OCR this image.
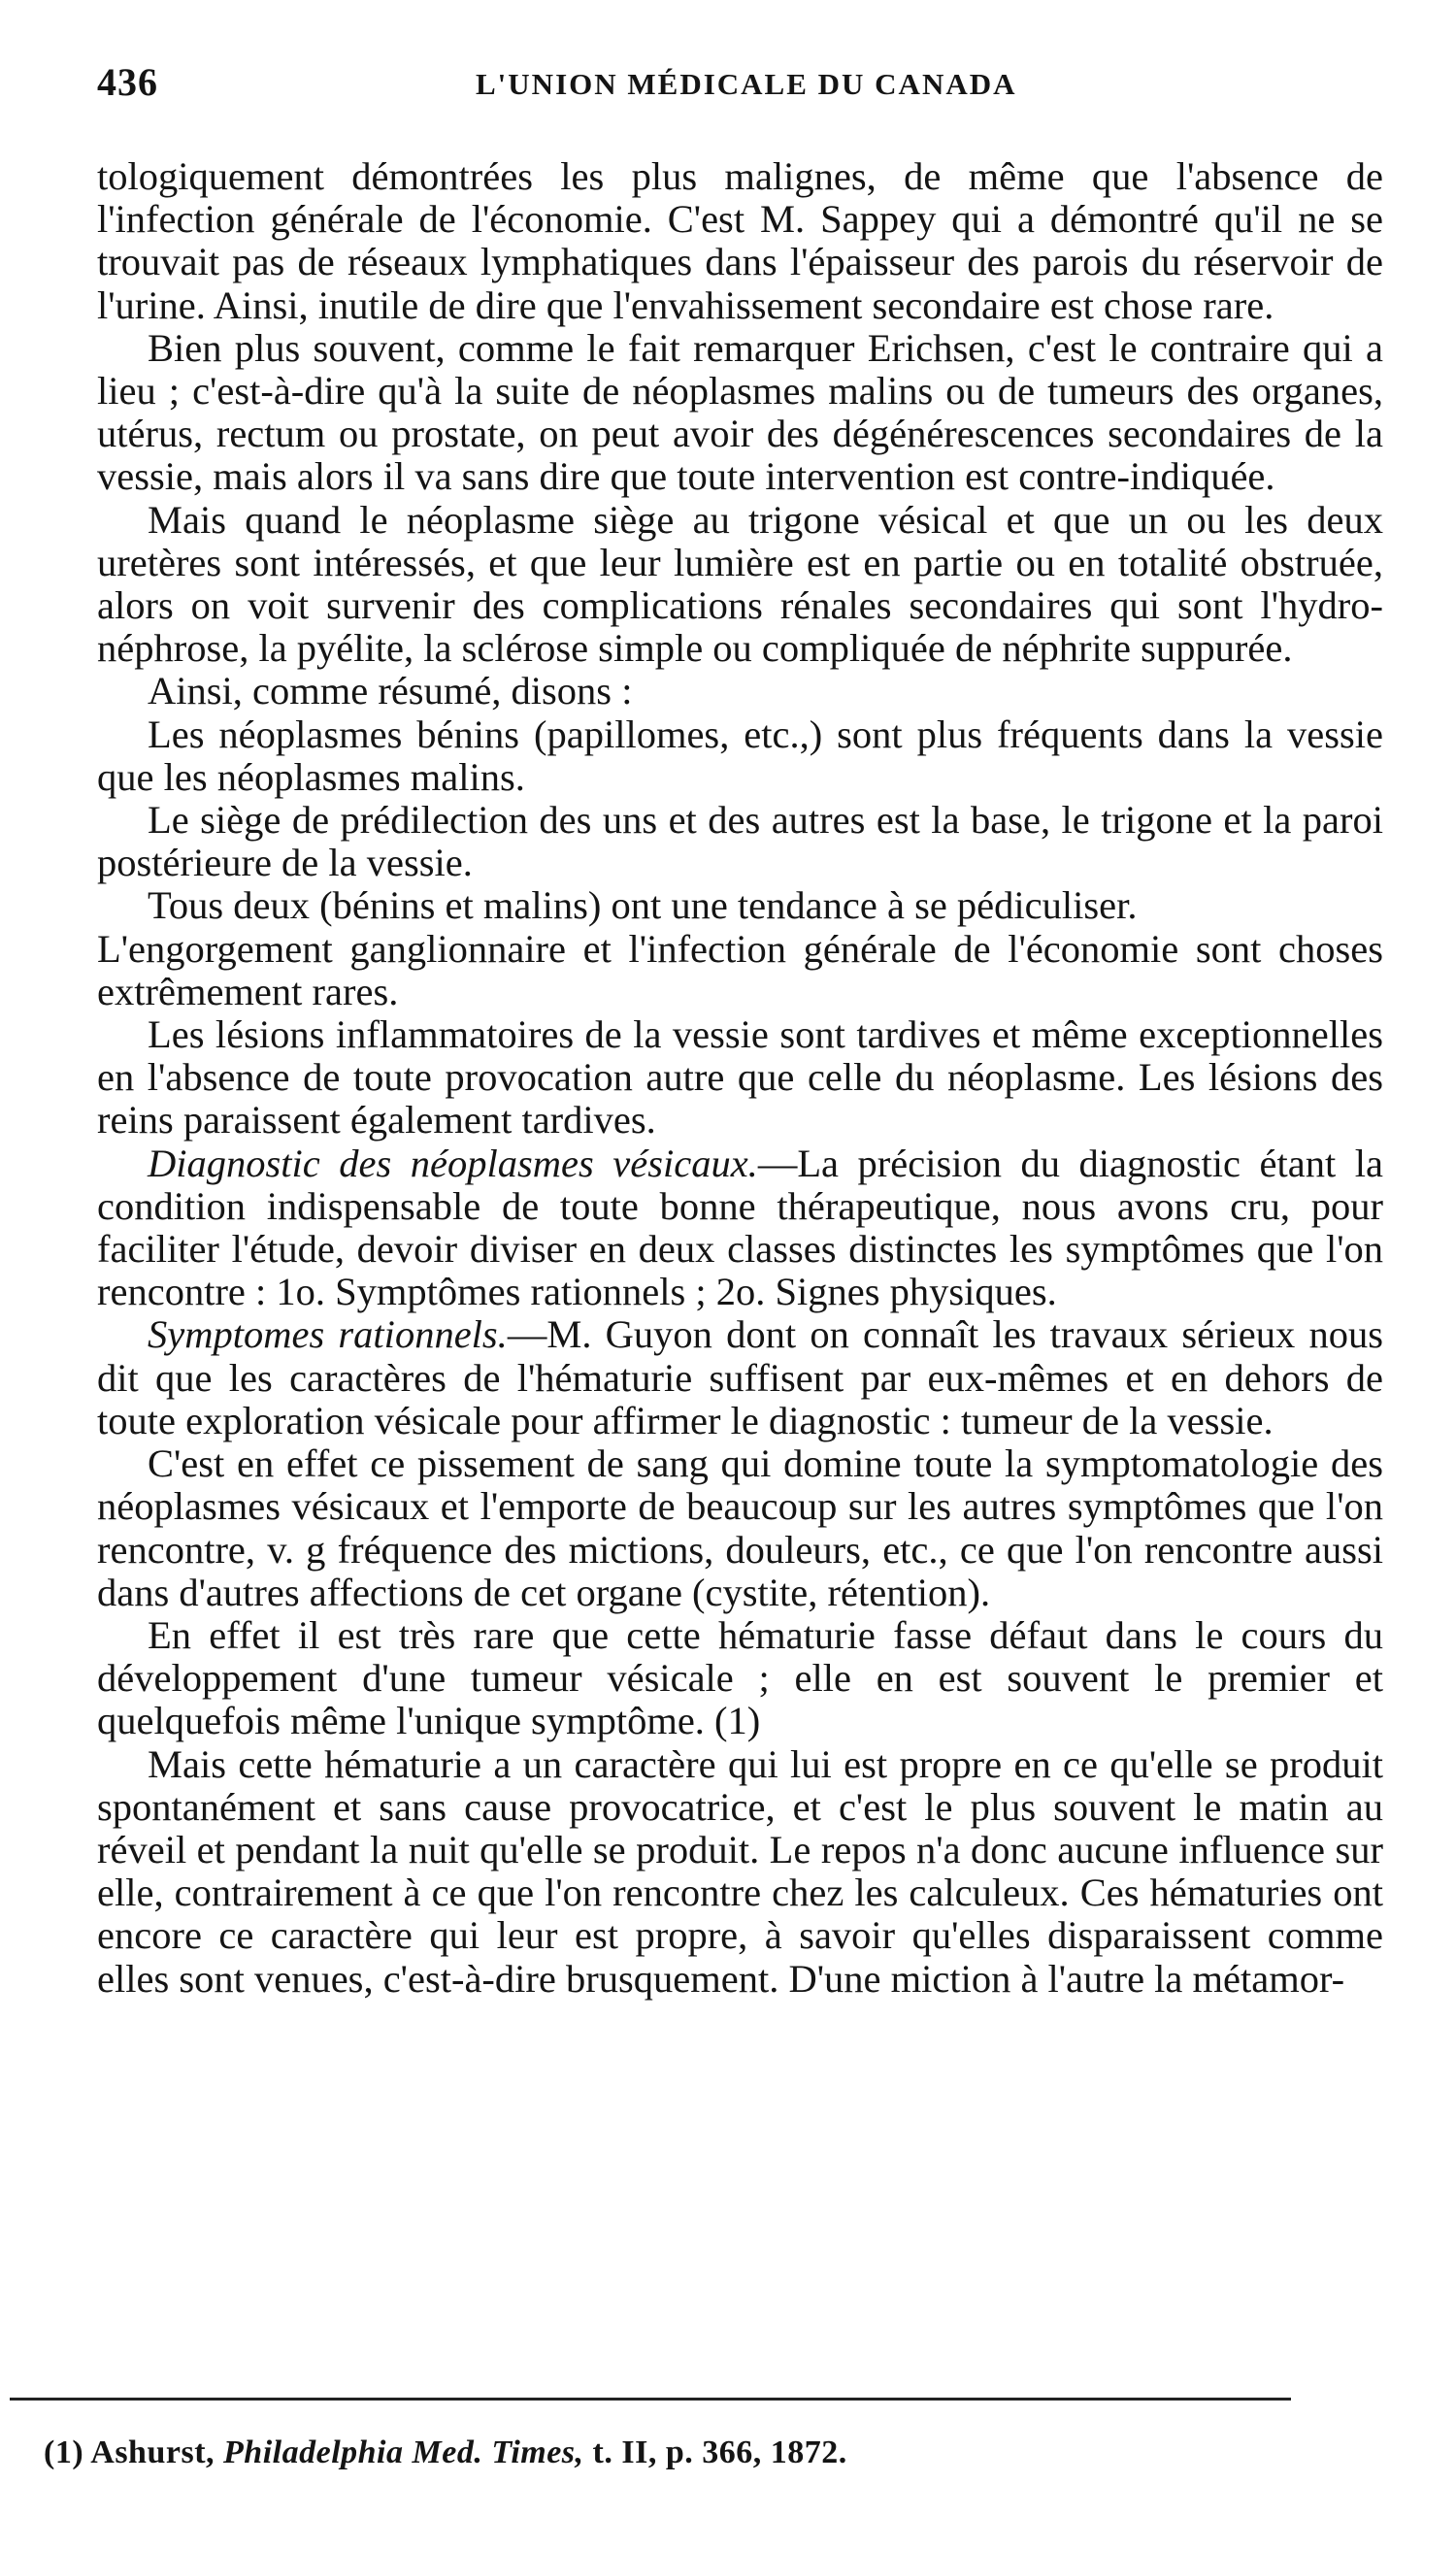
436	L'UNION MÉDICALE DU CANADA

tologiquement démontrées les plus malignes, de même que l'absence de l'infection générale de l'économie. C'est M. Sappey qui a démontré qu'il ne se trouvait pas de réseaux lymphatiques dans l'épaisseur des parois du réservoir de l'urine. Ainsi, inutile de dire que l'envahissement secondaire est chose rare.

Bien plus souvent, comme le fait remarquer Erichsen, c'est le contraire qui a lieu ; c'est-à-dire qu'à la suite de néoplasmes malins ou de tumeurs des organes, utérus, rectum ou prostate, on peut avoir des dégénérescences secondaires de la vessie, mais alors il va sans dire que toute intervention est contre-indiquée.

Mais quand le néoplasme siège au trigone vésical et que un ou les deux uretères sont intéressés, et que leur lumière est en partie ou en totalité obstruée, alors on voit survenir des complications rénales secondaires qui sont l'hydro-néphrose, la pyélite, la sclérose simple ou compliquée de néphrite suppurée.

Ainsi, comme résumé, disons :

Les néoplasmes bénins (papillomes, etc.,) sont plus fréquents dans la vessie que les néoplasmes malins.

Le siège de prédilection des uns et des autres est la base, le trigone et la paroi postérieure de la vessie.

Tous deux (bénins et malins) ont une tendance à se pédiculiser.

L'engorgement ganglionnaire et l'infection générale de l'économie sont choses extrêmement rares.

Les lésions inflammatoires de la vessie sont tardives et même exceptionnelles en l'absence de toute provocation autre que celle du néoplasme. Les lésions des reins paraissent également tardives.

Diagnostic des néoplasmes vésicaux.—La précision du diagnostic étant la condition indispensable de toute bonne thérapeutique, nous avons cru, pour faciliter l'étude, devoir diviser en deux classes distinctes les symptômes que l'on rencontre : 1o. Symptômes rationnels ; 2o. Signes physiques.

Symptomes rationnels.—M. Guyon dont on connaît les travaux sérieux nous dit que les caractères de l'hématurie suffisent par eux-mêmes et en dehors de toute exploration vésicale pour affirmer le diagnostic : tumeur de la vessie.

C'est en effet ce pissement de sang qui domine toute la symptomatologie des néoplasmes vésicaux et l'emporte de beaucoup sur les autres symptômes que l'on rencontre, v. g fréquence des mictions, douleurs, etc., ce que l'on rencontre aussi dans d'autres affections de cet organe (cystite, rétention).

En effet il est très rare que cette hématurie fasse défaut dans le cours du développement d'une tumeur vésicale ; elle en est souvent le premier et quelquefois même l'unique symptôme. (1)

Mais cette hématurie a un caractère qui lui est propre en ce qu'elle se produit spontanément et sans cause provocatrice, et c'est le plus souvent le matin au réveil et pendant la nuit qu'elle se produit. Le repos n'a donc aucune influence sur elle, contrairement à ce que l'on rencontre chez les calculeux. Ces hématuries ont encore ce caractère qui leur est propre, à savoir qu'elles disparaissent comme elles sont venues, c'est-à-dire brusquement. D'une miction à l'autre la métamor-

(1) Ashurst, Philadelphia Med. Times, t. II, p. 366, 1872.
